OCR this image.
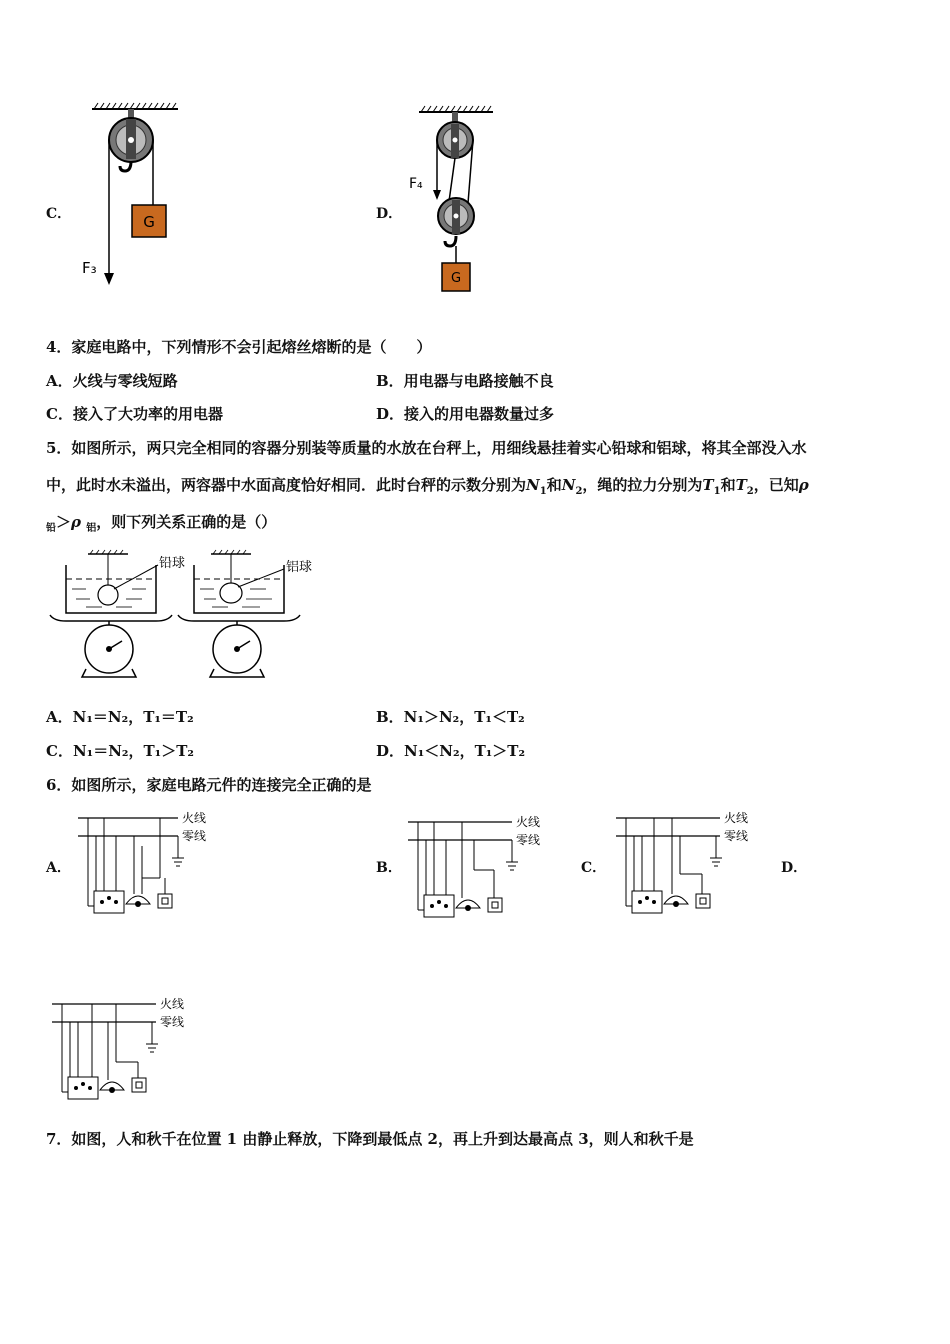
C．	G
F₃
D．
G
F₄
4．家庭电路中，下列情形不会引起熔丝熔断的是（　　）
A．火线与零线短路	B．用电器与电路接触不良
C．接入了大功率的用电器	D．接入的用电器数量过多
5．如图所示，两只完全相同的容器分别装等质量的水放在台秤上，用细线悬挂着实心铅球和铝球，将其全部没入水
中，此时水未溢出，两容器中水面高度恰好相同．此时台秤的示数分别为$N_1$和$N_2$，绳的拉力分别为$T_1$和$T_2$，已知ρ
$_铅$＞ρ $_铝$，则下列关系正确的是（）
铅球	铝球
A．N₁＝N₂，T₁＝T₂	B．N₁＞N₂，T₁＜T₂
C．N₁＝N₂，T₁＞T₂	D．N₁＜N₂，T₁＞T₂
6．如图所示，家庭电路元件的连接完全正确的是
A．	B．	C．	D．
火线
零线
火线
零线
火线
零线
火线
零线
7．如图，人和秋千在位置 1 由静止释放，下降到最低点 2，再上升到达最高点 3，则人和秋千是
